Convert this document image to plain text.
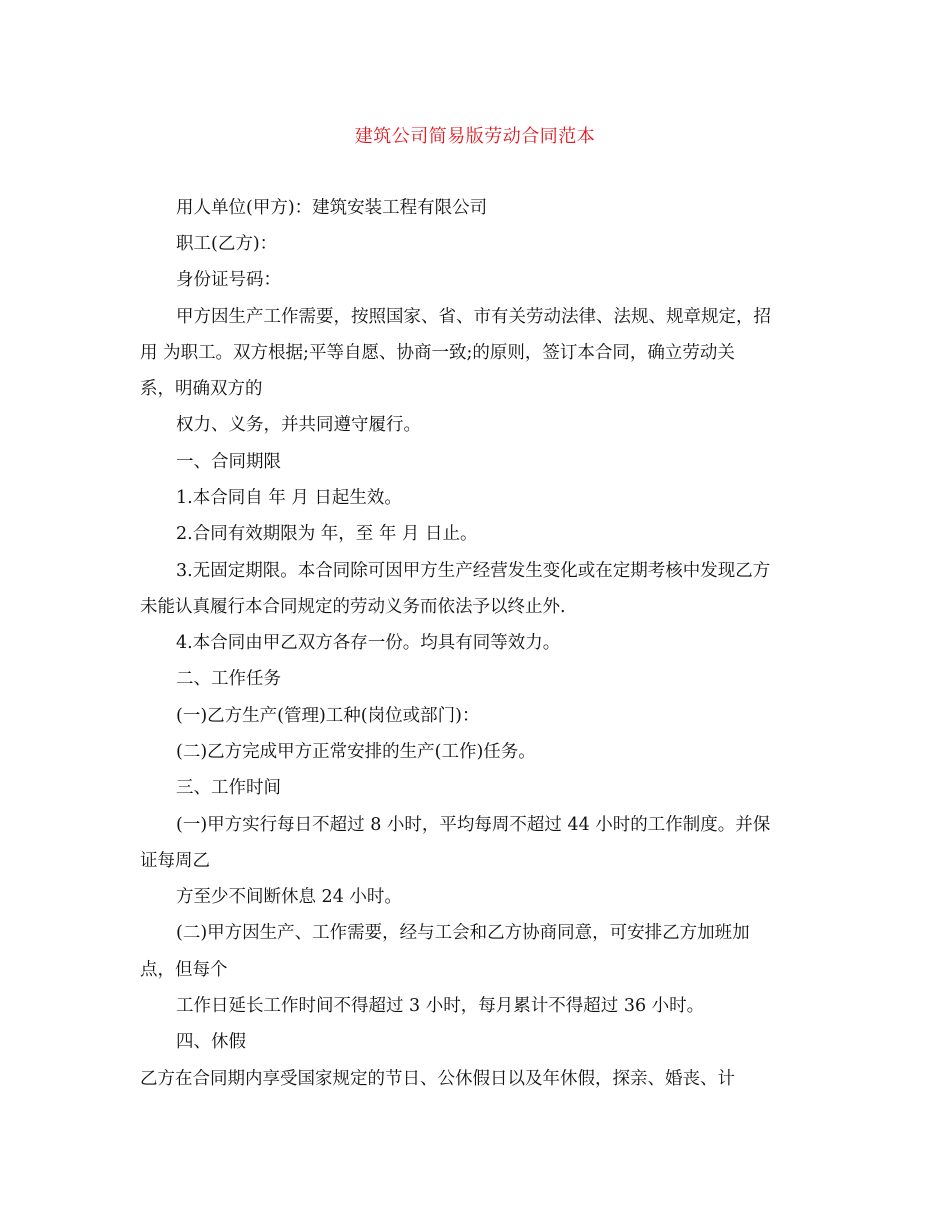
建筑公司简易版劳动合同范本
用人单位(甲方)：建筑安装工程有限公司
职工(乙方)：
身份证号码：
甲方因生产工作需要，按照国家、省、市有关劳动法律、法规、规章规定，招
用 为职工。双方根据;平等自愿、协商一致;的原则，签订本合同，确立劳动关
系，明确双方的
权力、义务，并共同遵守履行。
一、合同期限
1.本合同自 年 月 日起生效。
2.合同有效期限为 年，至 年 月 日止。
3.无固定期限。本合同除可因甲方生产经营发生变化或在定期考核中发现乙方
未能认真履行本合同规定的劳动义务而依法予以终止外.
4.本合同由甲乙双方各存一份。均具有同等效力。
二、工作任务
(一)乙方生产(管理)工种(岗位或部门)：
(二)乙方完成甲方正常安排的生产(工作)任务。
三、工作时间
(一)甲方实行每日不超过 8 小时，平均每周不超过 44 小时的工作制度。并保
证每周乙
方至少不间断休息 24 小时。
(二)甲方因生产、工作需要，经与工会和乙方协商同意，可安排乙方加班加
点，但每个
工作日延长工作时间不得超过 3 小时，每月累计不得超过 36 小时。
四、休假
乙方在合同期内享受国家规定的节日、公休假日以及年休假，探亲、婚丧、计
